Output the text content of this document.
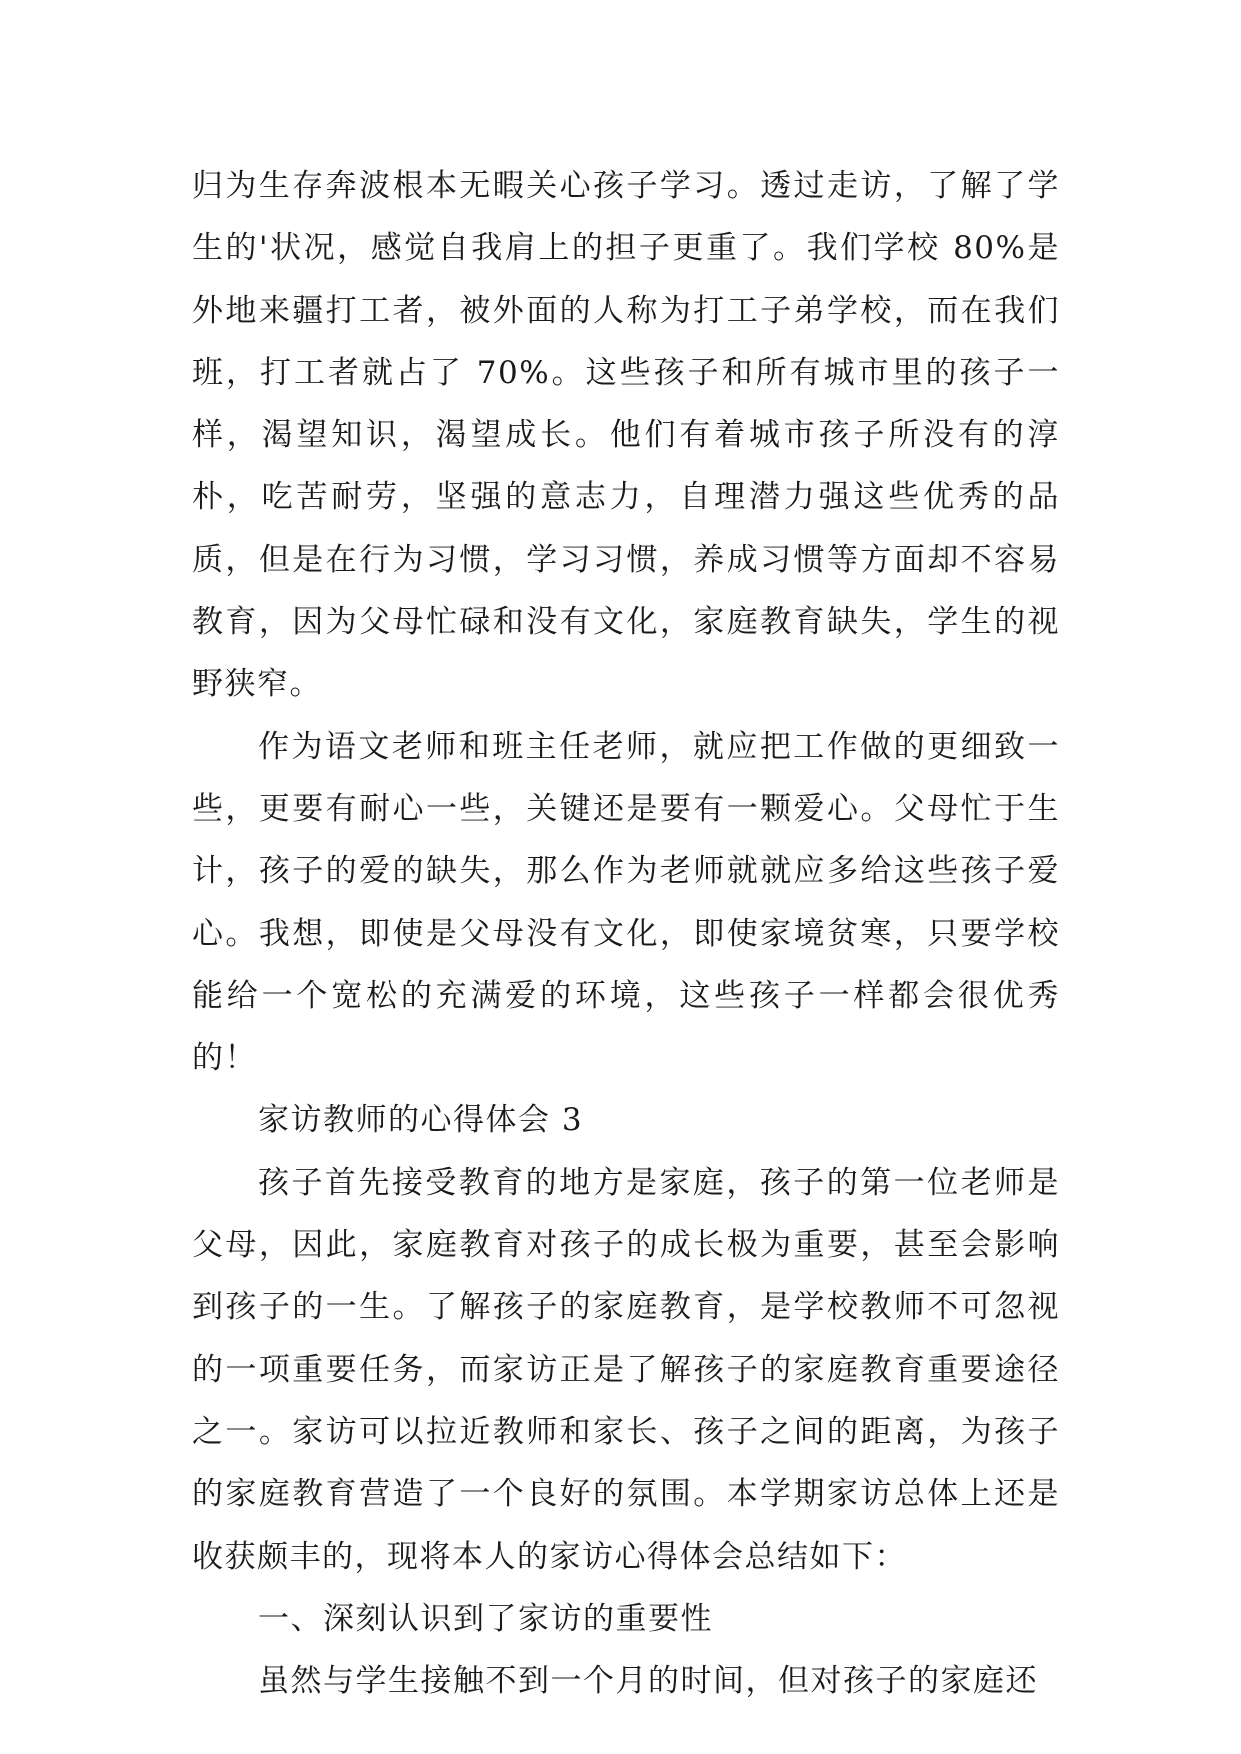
归为生存奔波根本无暇关心孩子学习。透过走访，了解了学生的'状况，感觉自我肩上的担子更重了。我们学校 80%是外地来疆打工者，被外面的人称为打工子弟学校，而在我们班，打工者就占了 70%。这些孩子和所有城市里的孩子一样，渴望知识，渴望成长。他们有着城市孩子所没有的淳朴，吃苦耐劳，坚强的意志力，自理潜力强这些优秀的品质，但是在行为习惯，学习习惯，养成习惯等方面却不容易教育，因为父母忙碌和没有文化，家庭教育缺失，学生的视野狭窄。

作为语文老师和班主任老师，就应把工作做的更细致一些，更要有耐心一些，关键还是要有一颗爱心。父母忙于生计，孩子的爱的缺失，那么作为老师就就应多给这些孩子爱心。我想，即使是父母没有文化，即使家境贫寒，只要学校能给一个宽松的充满爱的环境，这些孩子一样都会很优秀的！

家访教师的心得体会 3

孩子首先接受教育的地方是家庭，孩子的第一位老师是父母，因此，家庭教育对孩子的成长极为重要，甚至会影响到孩子的一生。了解孩子的家庭教育，是学校教师不可忽视的一项重要任务，而家访正是了解孩子的家庭教育重要途径之一。家访可以拉近教师和家长、孩子之间的距离，为孩子的家庭教育营造了一个良好的氛围。本学期家访总体上还是收获颇丰的，现将本人的家访心得体会总结如下：

一、深刻认识到了家访的重要性

虽然与学生接触不到一个月的时间，但对孩子的家庭还
